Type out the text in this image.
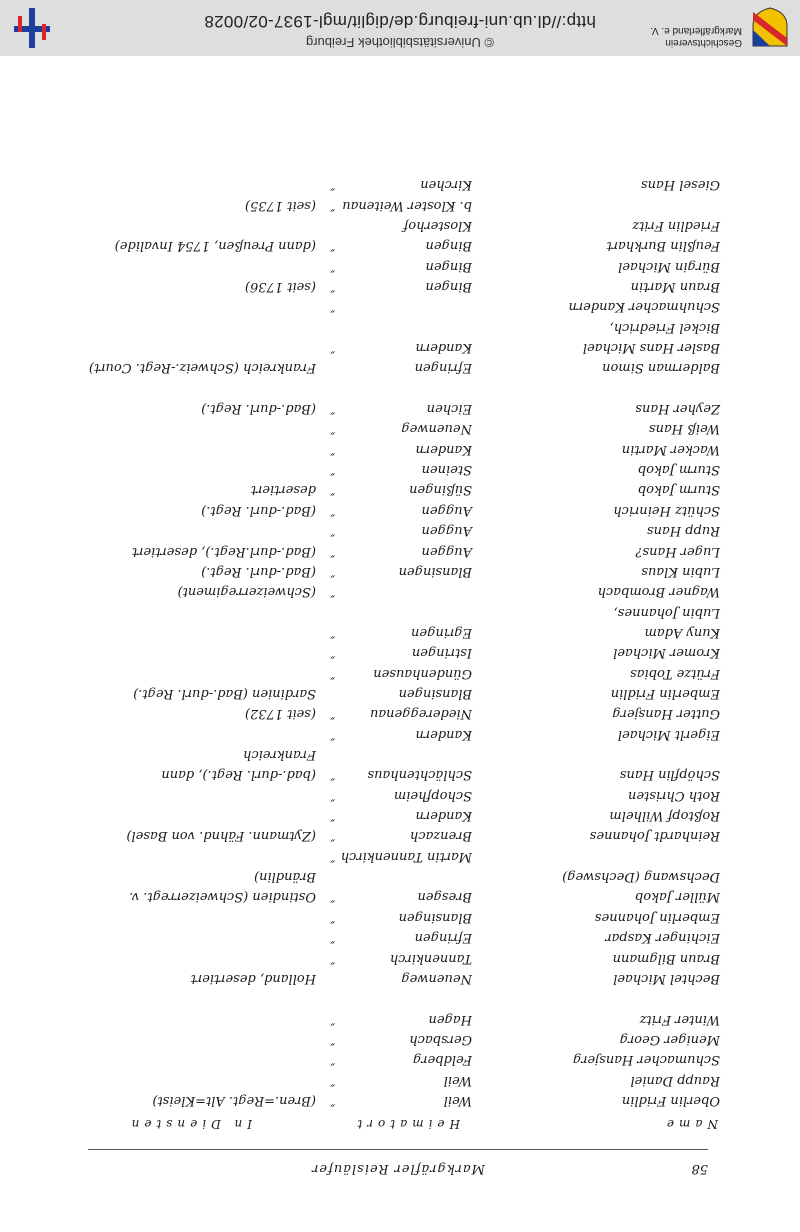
Geschichtsverein
Markgräflerland e. V.
© Universitätsbibliothek Freiburg
http://dl.ub.uni-freiburg.de/diglit/mgl-1937-02/0028
58
Markgräfler Reisläufer
Name
Heimatort
In Diensten
Oberlin Fridlin
Weil
″
(Bren.=Regt. Alt=Kleist)
Raupp Daniel
Weil
″
Schumacher Hansjerg
Feldberg
″
Meniger Georg
Gersbach
″
Winter Fritz
Hagen
″
Bechtel Michael
Neuenweg
Holland, desertiert
Braun Bilgmann
Tannenkirch
″
Eichinger Kaspar
Efringen
″
Emberlin Johannes
Blansingen
″
Müller Jakob
Bresgen
″
Ostindien (Schweizerregt. v.
Dechswang (Dechsweg)
Brändlin)
Martin Tannenkirch
″
Reinhardt Johannes
Brenzach
″
(Zytmann. Fähnd. von Basel)
Roßtopf Wilhelm
Kandern
″
Roth Christen
Schopfheim
″
Schöpflin Hans
Schlächtenhaus
″
(bad.-durl. Regt.), dann
Frankreich
Eigerlt Michael
Kandern
″
Gutter Hansjerg
Niedereggenau
″
(seit 1732)
Emberlin Fridlin
Blansingen
Sardinien (Bad.-durl. Regt.)
Frütze Tobias
Gündenhausen
″
Kromer Michael
Istringen
″
Kuny Adam
Egringen
″
Lubin Johannes,
Wagner Brombach
″
(Schweizerregiment)
Lubin Klaus
Blansingen
″
(Bad.-durl. Regt.)
Luger Hans?
Auggen
″
(Bad.-durl.Regt.), desertiert
Rupp Hans
Auggen
″
Schütz Heinrich
Auggen
″
(Bad.-durl. Regt.)
Sturm Jakob
Süßingen
″
desertiert
Sturm Jakob
Steinen
″
Wacker Martin
Kandern
″
Weiß Hans
Neuenweg
″
Zeyher Hans
Eichen
″
(Bad.-durl. Regt.)
Balderman Simon
Efringen
Frankreich (Schweiz.-Regt. Court)
Basler Hans Michael
Kandern
″
Bickel Friedrich,
Schuhmacher Kandern
″
Braun Martin
Bingen
″
(seit 1736)
Bürgin Michael
Bingen
″
Feußlin Burkhart
Bingen
″
(dann Preußen, 1754 Invalide)
Friedlin Fritz
Klosterhof
b. Kloster Weitenau
″
(seit 1735)
Giesel Hans
Kirchen
″
